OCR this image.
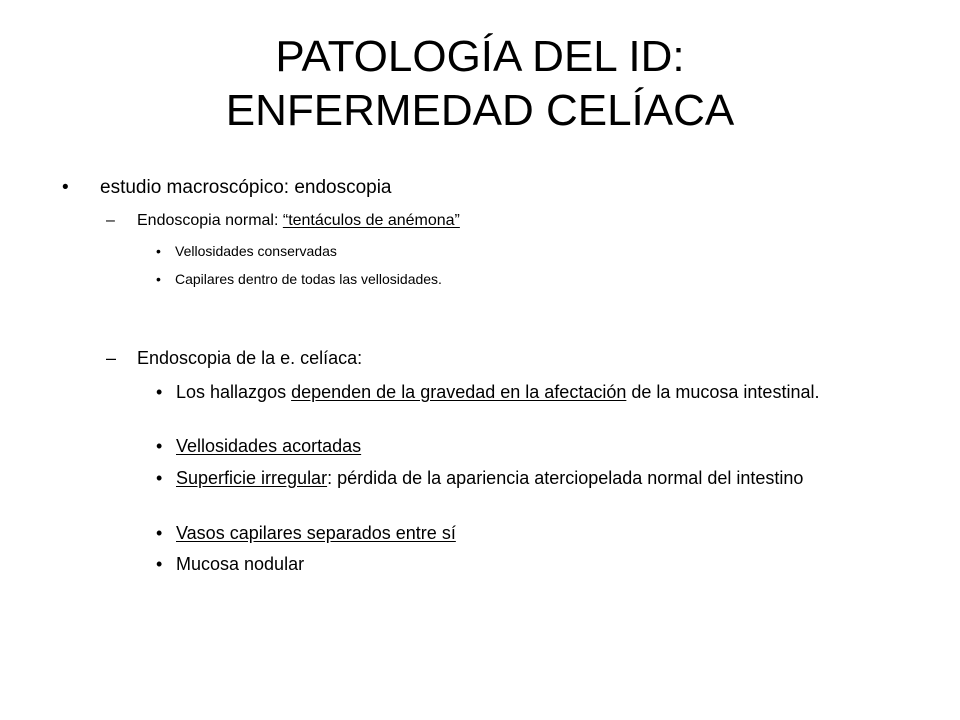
PATOLOGÍA DEL ID:
ENFERMEDAD CELÍACA
• estudio macroscópico: endoscopia
– Endoscopia normal: “tentáculos de anémona”
• Vellosidades conservadas
• Capilares dentro de todas las vellosidades.
– Endoscopia de la e. celíaca:
• Los hallazgos dependen de la gravedad en la afectación de la mucosa intestinal.
• Vellosidades acortadas
• Superficie irregular: pérdida de la apariencia aterciopelada normal del intestino
• Vasos capilares separados entre sí
• Mucosa nodular
